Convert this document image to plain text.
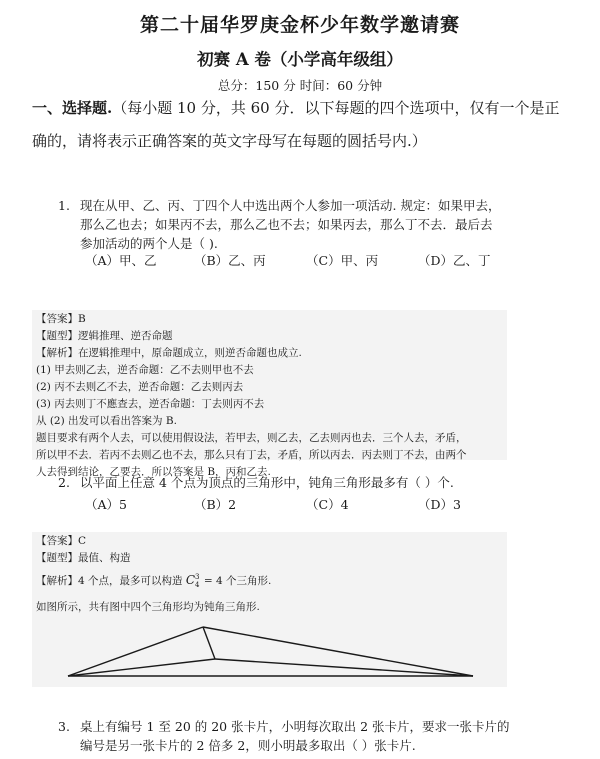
第二十届华罗庚金杯少年数学邀请赛
初赛 A 卷（小学高年级组）
总分：150 分 时间：60 分钟
一、选择题.（每小题 10 分，共 60 分．以下每题的四个选项中，仅有一个是正确的，请将表示正确答案的英文字母写在每题的圆括号内.）
1. 现在从甲、乙、丙、丁四个人中选出两个人参加一项活动. 规定：如果甲去，
那么乙也去；如果丙不去，那么乙也不去；如果丙去，那么丁不去．最后去
参加活动的两个人是（ ).
（A）甲、乙	（B）乙、丙	（C）甲、丙	（D）乙、丁
【答案】B
【题型】逻辑推理、逆否命题
【解析】在逻辑推理中，原命题成立，则逆否命题也成立.
(1) 甲去则乙去，逆否命题：乙不去则甲也不去
(2) 丙不去则乙不去，逆否命题：乙去则丙去
(3) 丙去则丁不應查去，逆否命题：丁去则丙不去
从 (2) 出发可以看出答案为 B.
题目要求有两个人去，可以使用假设法，若甲去，则乙去，乙去则丙也去．三个人去，矛盾，
所以甲不去．若丙不去则乙也不去，那么只有丁去，矛盾，所以丙去．丙去则丁不去，由两个
人去得到结论，乙要去．所以答案是 B，丙和乙去.
2. 以平面上任意 4 个点为顶点的三角形中，钝角三角形最多有（ ）个.
（A）5	（B）2	（C）4	（D）3
【答案】C
【题型】最值、构造
【解析】4 个点，最多可以构造 C 3
4 = 4 个三角形.
如图所示，共有图中四个三角形均为钝角三角形.
3. 桌上有编号 1 至 20 的 20 张卡片，小明每次取出 2 张卡片，要求一张卡片的
编号是另一张卡片的 2 倍多 2，则小明最多取出（ ）张卡片.
